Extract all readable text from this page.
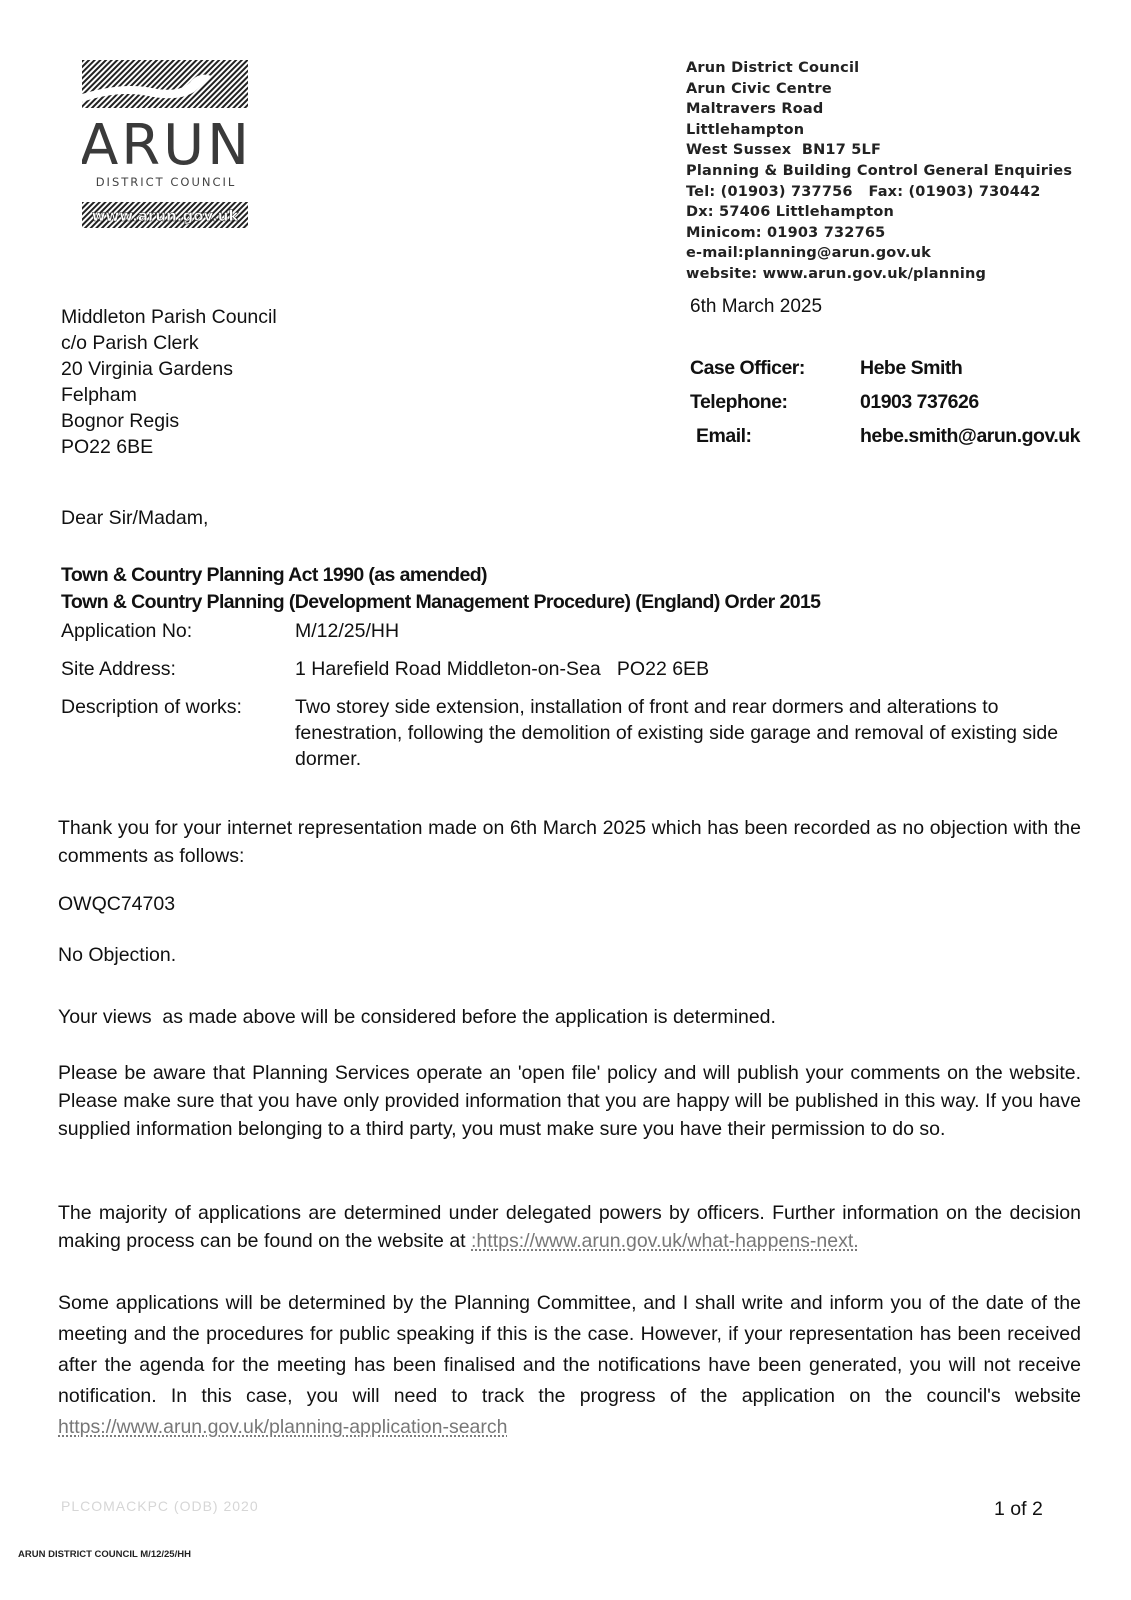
ARUN
DISTRICT COUNCIL
www.arun.gov.uk
Arun District Council
Arun Civic Centre
Maltravers Road
Littlehampton
West Sussex  BN17 5LF
Planning & Building Control General Enquiries
Tel: (01903) 737756   Fax: (01903) 730442
Dx: 57406 Littlehampton
Minicom: 01903 732765
e-mail:planning@arun.gov.uk
website: www.arun.gov.uk/planning
6th March 2025
Middleton Parish Council
c/o Parish Clerk
20 Virginia Gardens
Felpham
Bognor Regis
PO22 6BE
Case Officer:	Hebe Smith
Telephone:	01903 737626
Email:	hebe.smith@arun.gov.uk
Dear Sir/Madam,
Town & Country Planning Act 1990 (as amended)
Town & Country Planning (Development Management Procedure) (England) Order 2015
Application No:	M/12/25/HH
Site Address:	1 Harefield Road Middleton-on-Sea   PO22 6EB
Description of works:	Two storey side extension, installation of front and rear dormers and alterations to fenestration, following the demolition of existing side garage and removal of existing side dormer.
Thank you for your internet representation made on 6th March 2025 which has been recorded as no objection with the comments as follows:
OWQC74703
No Objection.
Your views  as made above will be considered before the application is determined.
Please be aware that Planning Services operate an 'open file' policy and will publish your comments on the website. Please make sure that you have only provided information that you are happy will be published in this way. If you have supplied information belonging to a third party, you must make sure you have their permission to do so.
The majority of applications are determined under delegated powers by officers. Further information on the decision making process can be found on the website at :https://www.arun.gov.uk/what-happens-next.
Some applications will be determined by the Planning Committee, and I shall write and inform you of the date of the meeting and the procedures for public speaking if this is the case. However, if your representation has been received after the agenda for the meeting has been finalised and the notifications have been generated, you will not receive notification. In this case, you will need to track the progress of the application on the council's website https://www.arun.gov.uk/planning-application-search
PLCOMACKPC (ODB) 2020
ARUN DISTRICT COUNCIL M/12/25/HH
1 of 2
